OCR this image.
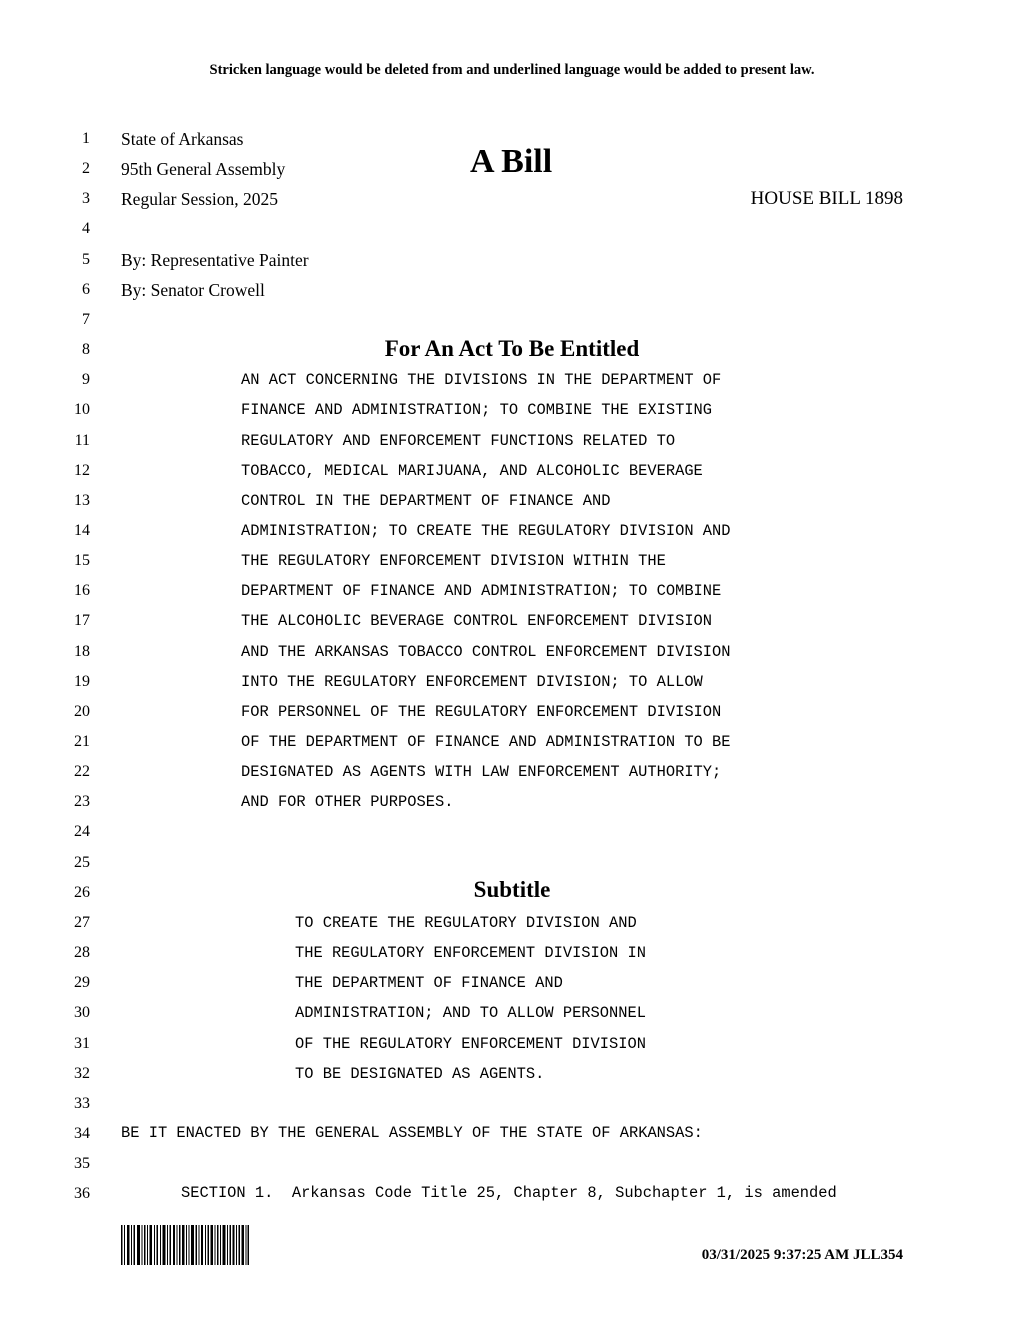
Stricken language would be deleted from and underlined language would be added to present law.
1
2
3
4
5
6
7
8
9
10
11
12
13
14
15
16
17
18
19
20
21
22
23
24
25
26
27
28
29
30
31
32
33
34
35
36
State of Arkansas
95th General Assembly
Regular Session, 2025
A Bill
HOUSE BILL 1898
By: Representative Painter
By: Senator Crowell
For An Act To Be Entitled
AN ACT CONCERNING THE DIVISIONS IN THE DEPARTMENT OF
FINANCE AND ADMINISTRATION; TO COMBINE THE EXISTING
REGULATORY AND ENFORCEMENT FUNCTIONS RELATED TO
TOBACCO, MEDICAL MARIJUANA, AND ALCOHOLIC BEVERAGE
CONTROL IN THE DEPARTMENT OF FINANCE AND
ADMINISTRATION; TO CREATE THE REGULATORY DIVISION AND
THE REGULATORY ENFORCEMENT DIVISION WITHIN THE
DEPARTMENT OF FINANCE AND ADMINISTRATION; TO COMBINE
THE ALCOHOLIC BEVERAGE CONTROL ENFORCEMENT DIVISION
AND THE ARKANSAS TOBACCO CONTROL ENFORCEMENT DIVISION
INTO THE REGULATORY ENFORCEMENT DIVISION; TO ALLOW
FOR PERSONNEL OF THE REGULATORY ENFORCEMENT DIVISION
OF THE DEPARTMENT OF FINANCE AND ADMINISTRATION TO BE
DESIGNATED AS AGENTS WITH LAW ENFORCEMENT AUTHORITY;
AND FOR OTHER PURPOSES.
Subtitle
TO CREATE THE REGULATORY DIVISION AND
THE REGULATORY ENFORCEMENT DIVISION IN
THE DEPARTMENT OF FINANCE AND
ADMINISTRATION; AND TO ALLOW PERSONNEL
OF THE REGULATORY ENFORCEMENT DIVISION
TO BE DESIGNATED AS AGENTS.
BE IT ENACTED BY THE GENERAL ASSEMBLY OF THE STATE OF ARKANSAS:
SECTION 1.  Arkansas Code Title 25, Chapter 8, Subchapter 1, is amended
03/31/2025 9:37:25 AM JLL354
